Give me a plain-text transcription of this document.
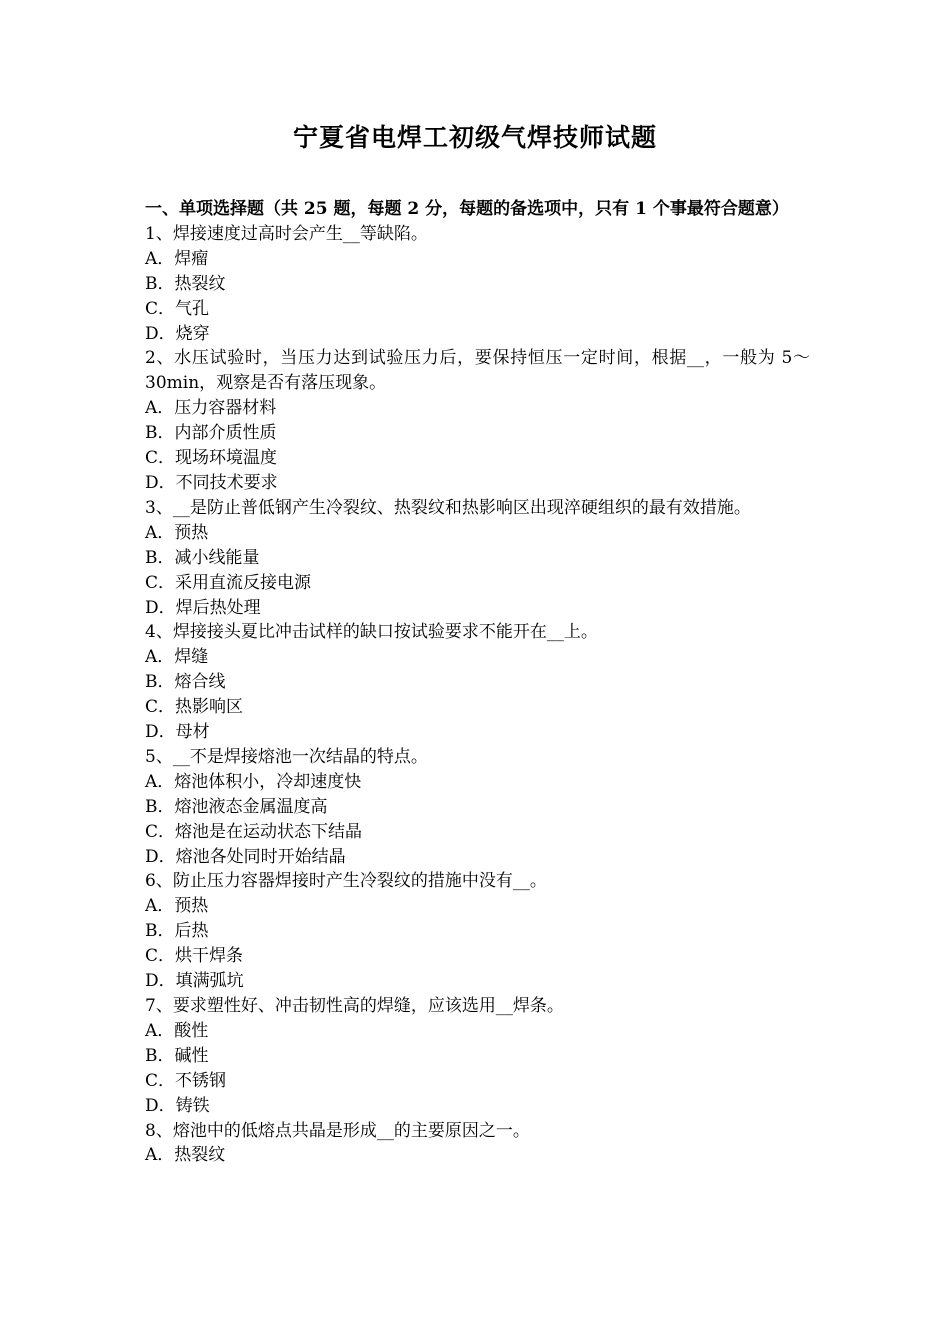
宁夏省电焊工初级气焊技师试题
一、单项选择题（共 25 题，每题 2 分，每题的备选项中，只有 1 个事最符合题意）
1、焊接速度过高时会产生__等缺陷。
A．焊瘤
B．热裂纹
C．气孔
D．烧穿
2、水压试验时，当压力达到试验压力后，要保持恒压一定时间，根据__，一般为 5～30min，观察是否有落压现象。
A．压力容器材料
B．内部介质性质
C．现场环境温度
D．不同技术要求
3、__是防止普低钢产生冷裂纹、热裂纹和热影响区出现淬硬组织的最有效措施。
A．预热
B．减小线能量
C．采用直流反接电源
D．焊后热处理
4、焊接接头夏比冲击试样的缺口按试验要求不能开在__上。
A．焊缝
B．熔合线
C．热影响区
D．母材
5、__不是焊接熔池一次结晶的特点。
A．熔池体积小，冷却速度快
B．熔池液态金属温度高
C．熔池是在运动状态下结晶
D．熔池各处同时开始结晶
6、防止压力容器焊接时产生冷裂纹的措施中没有__。
A．预热
B．后热
C．烘干焊条
D．填满弧坑
7、要求塑性好、冲击韧性高的焊缝，应该选用__焊条。
A．酸性
B．碱性
C．不锈钢
D．铸铁
8、熔池中的低熔点共晶是形成__的主要原因之一。
A．热裂纹
